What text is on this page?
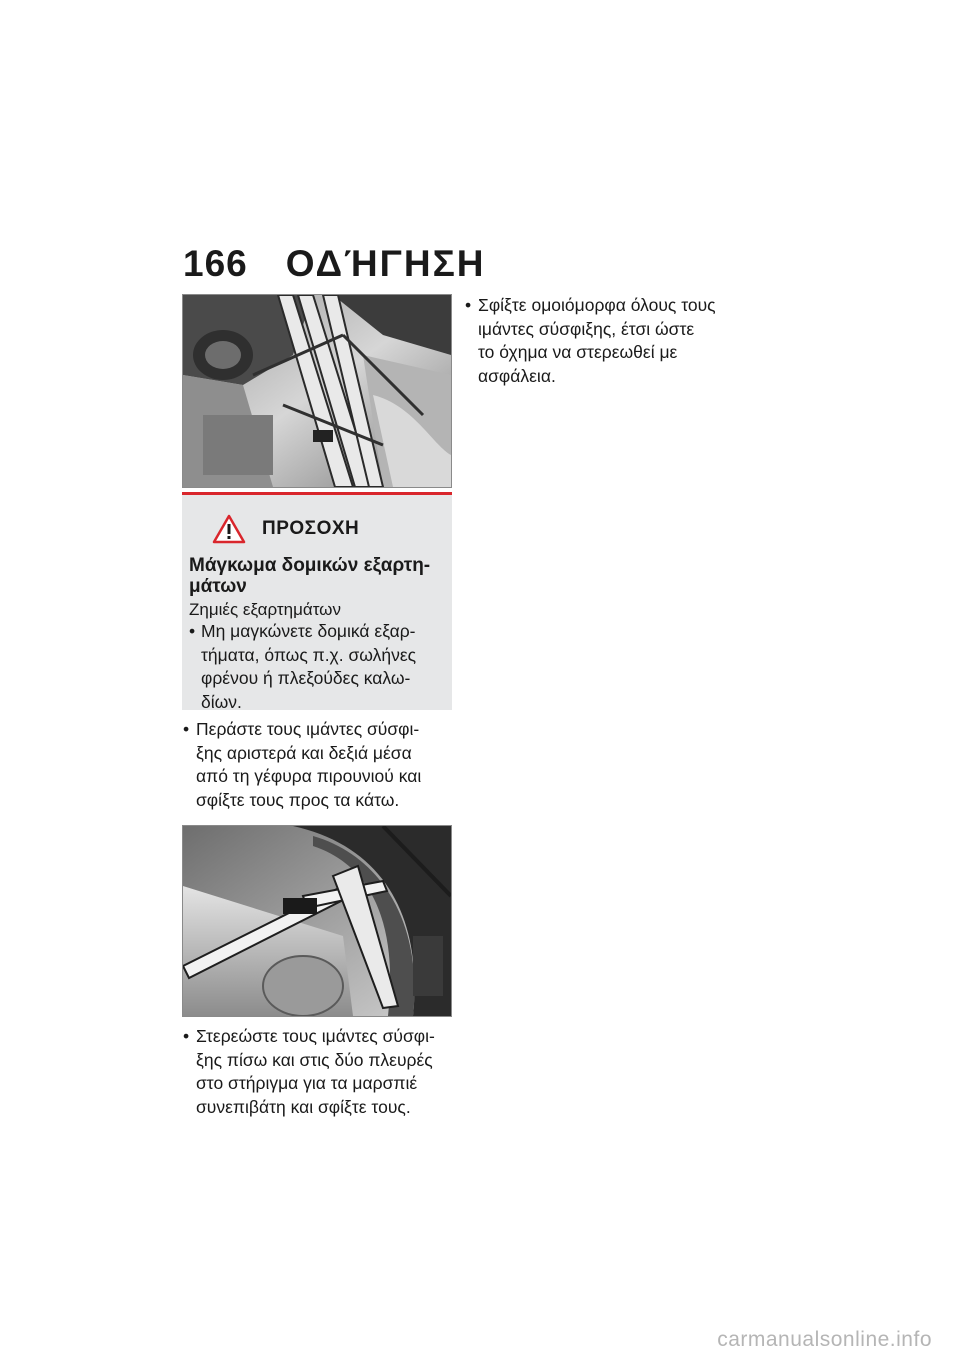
166 ΟΔΉΓΗΣΗ
ΠΡΟΣΟΧΗ
Μάγκωμα δομικών εξαρτη-
μάτων
Ζημιές εξαρτημάτων
• Μη μαγκώνετε δομικά εξαρ-
τήματα, όπως π.χ. σωλήνες
φρένου ή πλεξούδες καλω-
δίων.
• Περάστε τους ιμάντες σύσφι-
ξης αριστερά και δεξιά μέσα
από τη γέφυρα πιρουνιού και
σφίξτε τους προς τα κάτω.
• Στερεώστε τους ιμάντες σύσφι-
ξης πίσω και στις δύο πλευρές
στο στήριγμα για τα μαρσπιέ
συνεπιβάτη και σφίξτε τους.
• Σφίξτε ομοιόμορφα όλους τους
ιμάντες σύσφιξης, έτσι ώστε
το όχημα να στερεωθεί με
ασφάλεια.
carmanualsonline.info
